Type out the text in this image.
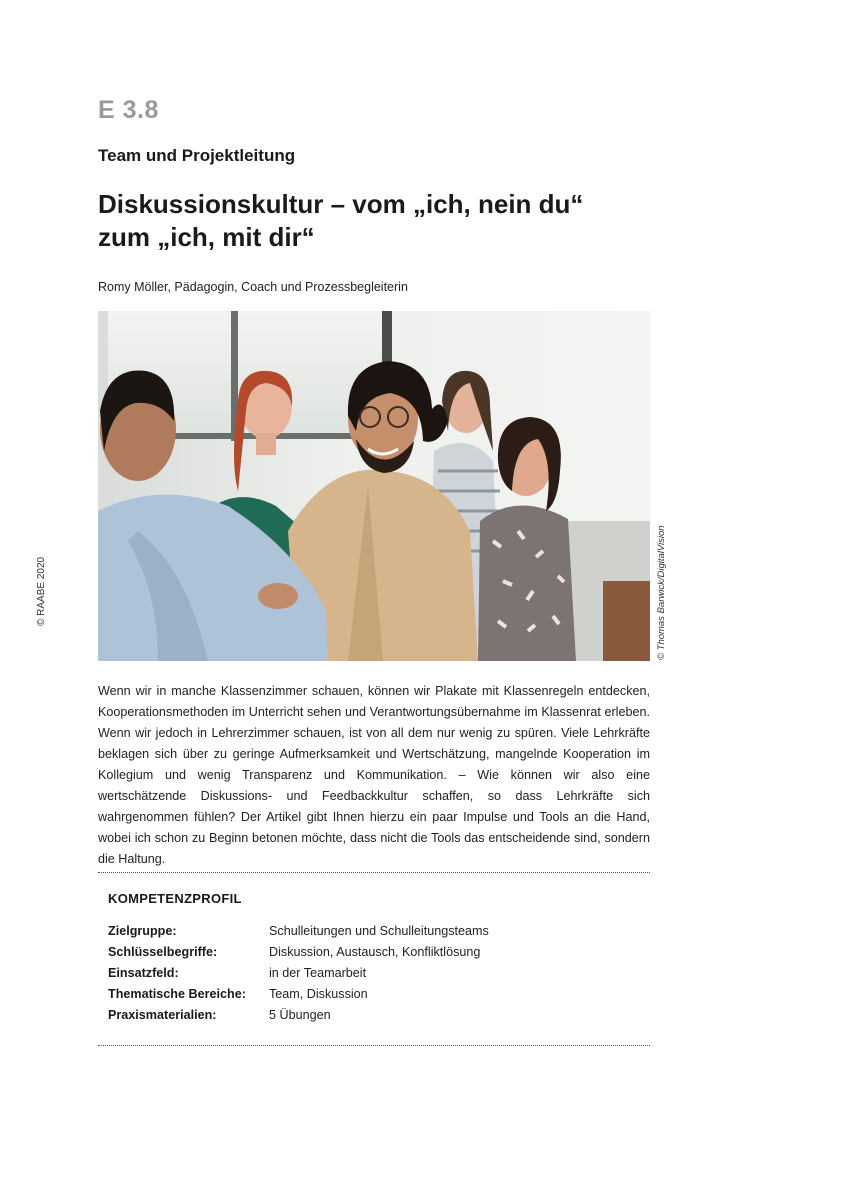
E 3.8
Team und Projektleitung
Diskussionskultur – vom „ich, nein du“
zum „ich, mit dir“
Romy Möller, Pädagogin, Coach und Prozessbegleiterin
© RAABE 2020	© Thomas Barwick/DigitalVision

Wenn wir in manche Klassenzimmer schauen, können wir Plakate mit Klassenregeln entdecken, Kooperationsmethoden im Unterricht sehen und Verantwortungsübernahme im Klassenrat erleben. Wenn wir jedoch in Lehrerzimmer schauen, ist von all dem nur wenig zu spüren. Viele Lehrkräfte beklagen sich über zu geringe Aufmerksamkeit und Wertschätzung, mangelnde Kooperation im Kollegium und wenig Transparenz und Kommunikation. – Wie können wir also eine wertschätzende Diskussions- und Feedbackkultur schaffen, so dass Lehrkräfte sich wahrgenommen fühlen? Der Artikel gibt Ihnen hierzu ein paar Impulse und Tools an die Hand, wobei ich schon zu Beginn betonen möchte, dass nicht die Tools das entscheidende sind, sondern die Haltung.

KOMPETENZPROFIL
Zielgruppe:	Schulleitungen und Schulleitungsteams
Schlüsselbegriffe:	Diskussion, Austausch, Konfliktlösung
Einsatzfeld:	in der Teamarbeit
Thematische Bereiche:	Team, Diskussion
Praxismaterialien:	5 Übungen
